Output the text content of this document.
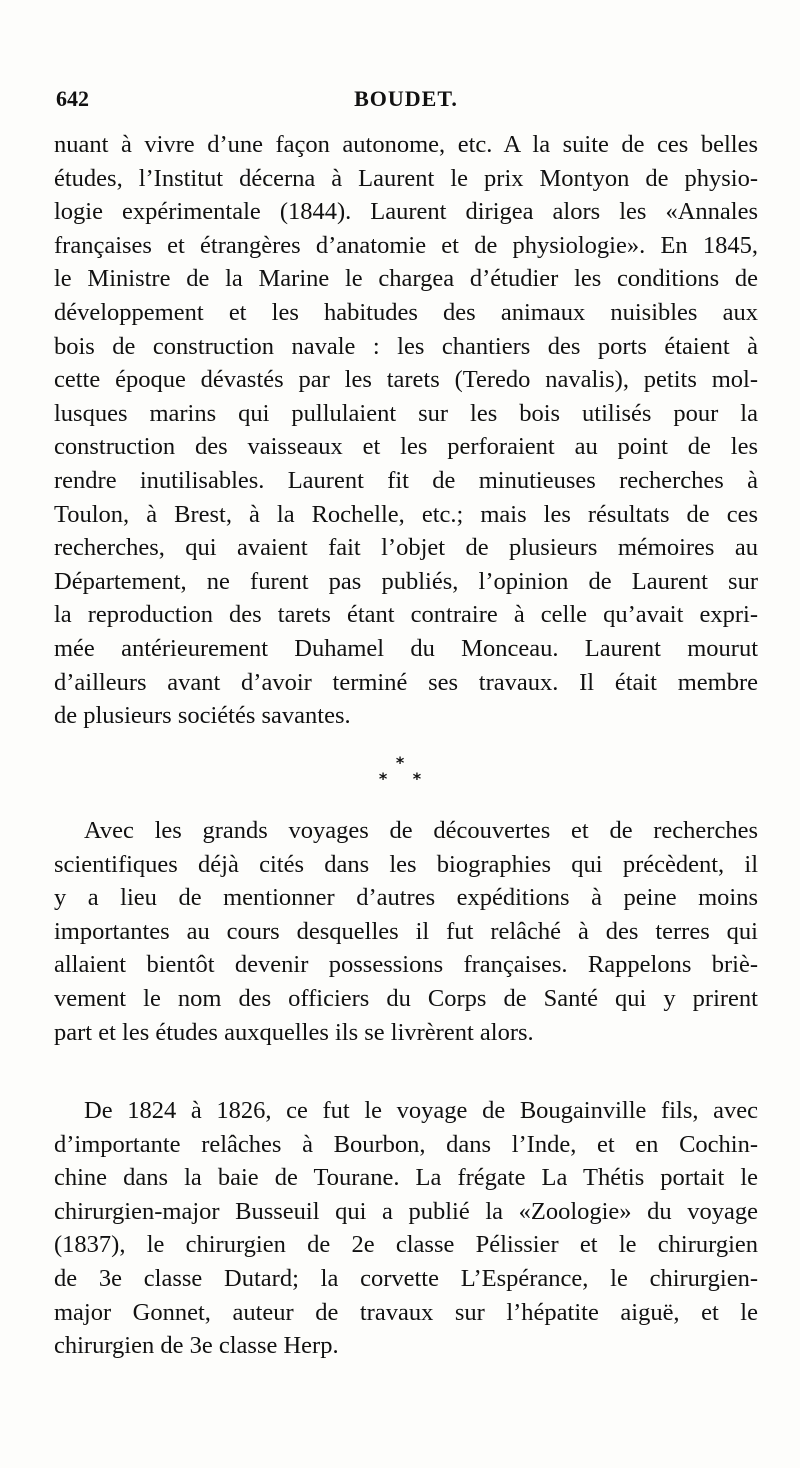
642	BOUDET.
nuant à vivre d’une façon autonome, etc. A la suite de ces belles
études, l’Institut décerna à Laurent le prix Montyon de physio-
logie expérimentale (1844). Laurent dirigea alors les «Annales
françaises et étrangères d’anatomie et de physiologie». En 1845,
le Ministre de la Marine le chargea d’étudier les conditions de
développement et les habitudes des animaux nuisibles aux
bois de construction navale : les chantiers des ports étaient à
cette époque dévastés par les tarets (Teredo navalis), petits mol-
lusques marins qui pullulaient sur les bois utilisés pour la
construction des vaisseaux et les perforaient au point de les
rendre inutilisables. Laurent fit de minutieuses recherches à
Toulon, à Brest, à la Rochelle, etc.; mais les résultats de ces
recherches, qui avaient fait l’objet de plusieurs mémoires au
Département, ne furent pas publiés, l’opinion de Laurent sur
la reproduction des tarets étant contraire à celle qu’avait expri-
mée antérieurement Duhamel du Monceau. Laurent mourut
d’ailleurs avant d’avoir terminé ses travaux. Il était membre
de plusieurs sociétés savantes.
*
* *
Avec les grands voyages de découvertes et de recherches
scientifiques déjà cités dans les biographies qui précèdent, il
y a lieu de mentionner d’autres expéditions à peine moins
importantes au cours desquelles il fut relâché à des terres qui
allaient bientôt devenir possessions françaises. Rappelons briè-
vement le nom des officiers du Corps de Santé qui y prirent
part et les études auxquelles ils se livrèrent alors.
De 1824 à 1826, ce fut le voyage de Bougainville fils, avec
d’importante relâches à Bourbon, dans l’Inde, et en Cochin-
chine dans la baie de Tourane. La frégate La Thétis portait le
chirurgien-major Busseuil qui a publié la «Zoologie» du voyage
(1837), le chirurgien de 2e classe Pélissier et le chirurgien
de 3e classe Dutard; la corvette L’Espérance, le chirurgien-
major Gonnet, auteur de travaux sur l’hépatite aiguë, et le
chirurgien de 3e classe Herp.
